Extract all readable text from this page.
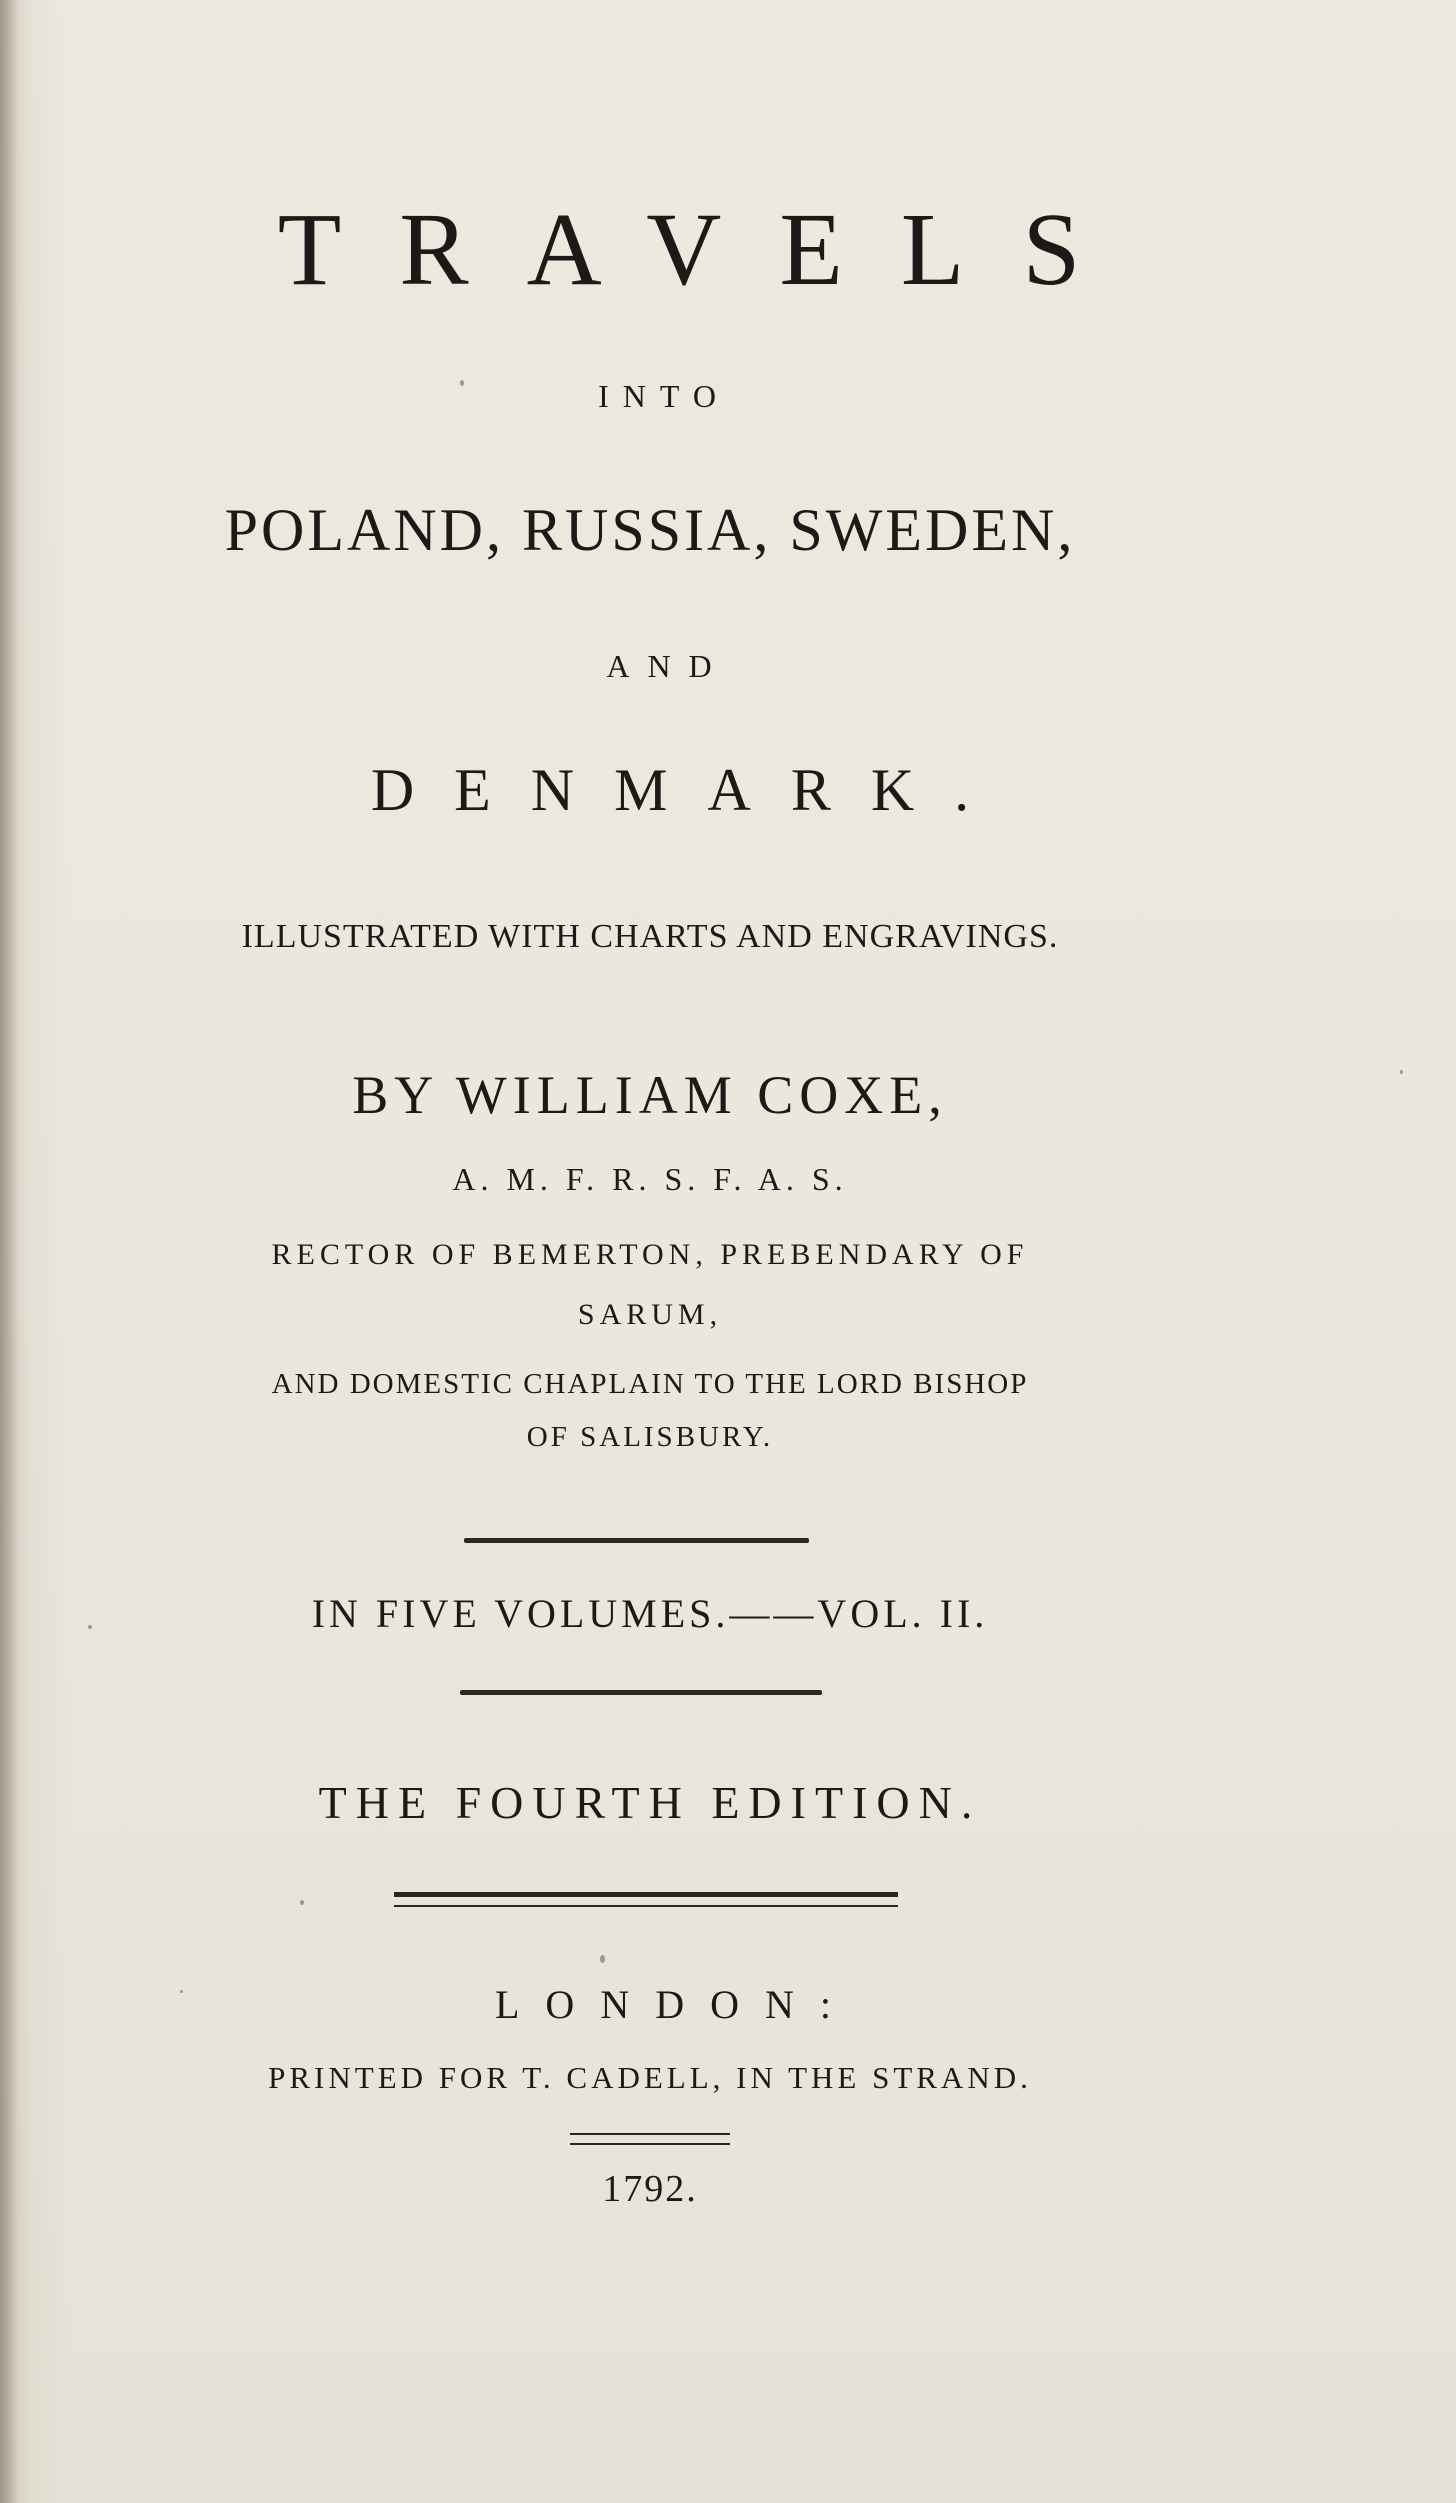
TRAVELS
INTO
POLAND, RUSSIA, SWEDEN,
AND
DENMARK.
ILLUSTRATED WITH CHARTS AND ENGRAVINGS.
BY WILLIAM COXE,
A. M. F. R. S. F. A. S.
RECTOR OF BEMERTON, PREBENDARY OF
SARUM,
AND DOMESTIC CHAPLAIN TO THE LORD BISHOP
OF SALISBURY.
IN FIVE VOLUMES.——VOL. II.
THE FOURTH EDITION.
LONDON:
PRINTED FOR T. CADELL, IN THE STRAND.
1792.
